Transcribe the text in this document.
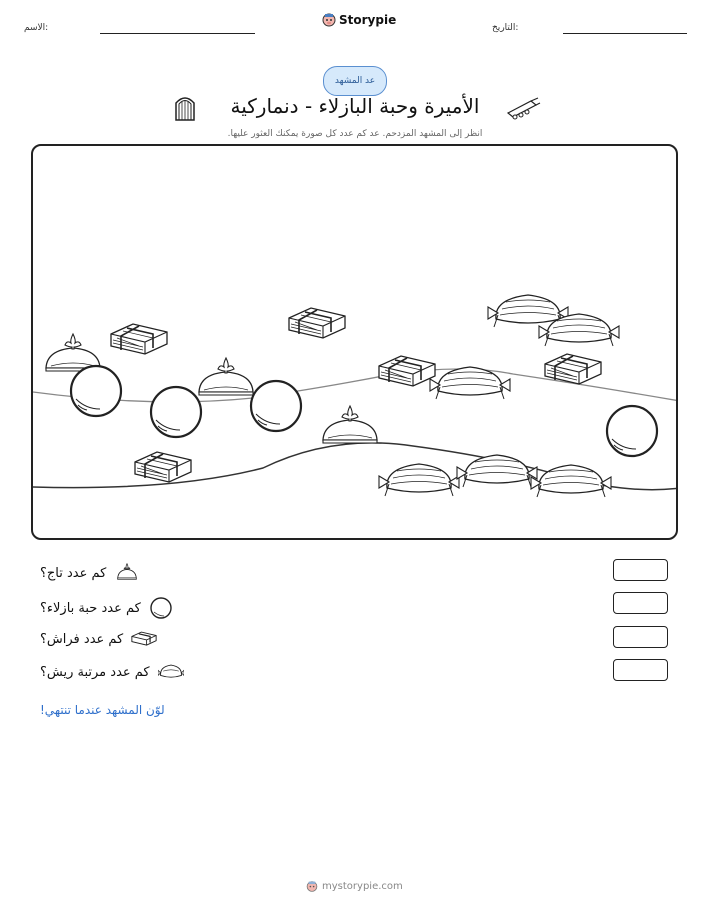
الاسم:
Storypie
التاريخ:
عد المشهد
الأميرة وحبة البازلاء - دنماركية
انظر إلى المشهد المزدحم. عد كم عدد كل صورة يمكنك العثور عليها.
كم عدد تاج؟
كم عدد حبة بازلاء؟
كم عدد فراش؟
كم عدد مرتبة ريش؟
لوّن المشهد عندما تنتهي!
mystorypie.com
